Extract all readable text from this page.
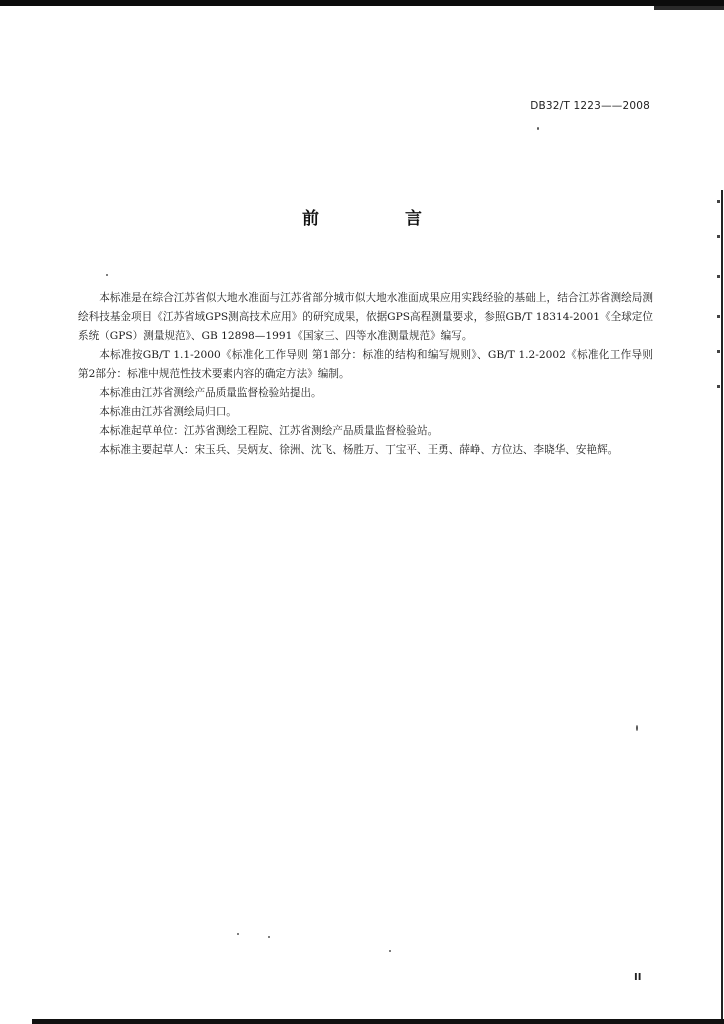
DB32/T 1223——2008
前 言

本标准是在综合江苏省似大地水准面与江苏省部分城市似大地水准面成果应用实践经验的基础上，结合江苏省测绘局测绘科技基金项目《江苏省域GPS测高技术应用》的研究成果，依据GPS高程测量要求，参照GB/T 18314-2001《全球定位系统（GPS）测量规范》、GB 12898—1991《国家三、四等水准测量规范》编写。

本标准按GB/T 1.1-2000《标准化工作导则 第1部分：标准的结构和编写规则》、GB/T 1.2-2002《标准化工作导则 第2部分：标准中规范性技术要素内容的确定方法》编制。

本标准由江苏省测绘产品质量监督检验站提出。

本标准由江苏省测绘局归口。

本标准起草单位：江苏省测绘工程院、江苏省测绘产品质量监督检验站。

本标准主要起草人：宋玉兵、吴炳友、徐洲、沈飞、杨胜万、丁宝平、王勇、薛峥、方位达、李晓华、安艳辉。

II
